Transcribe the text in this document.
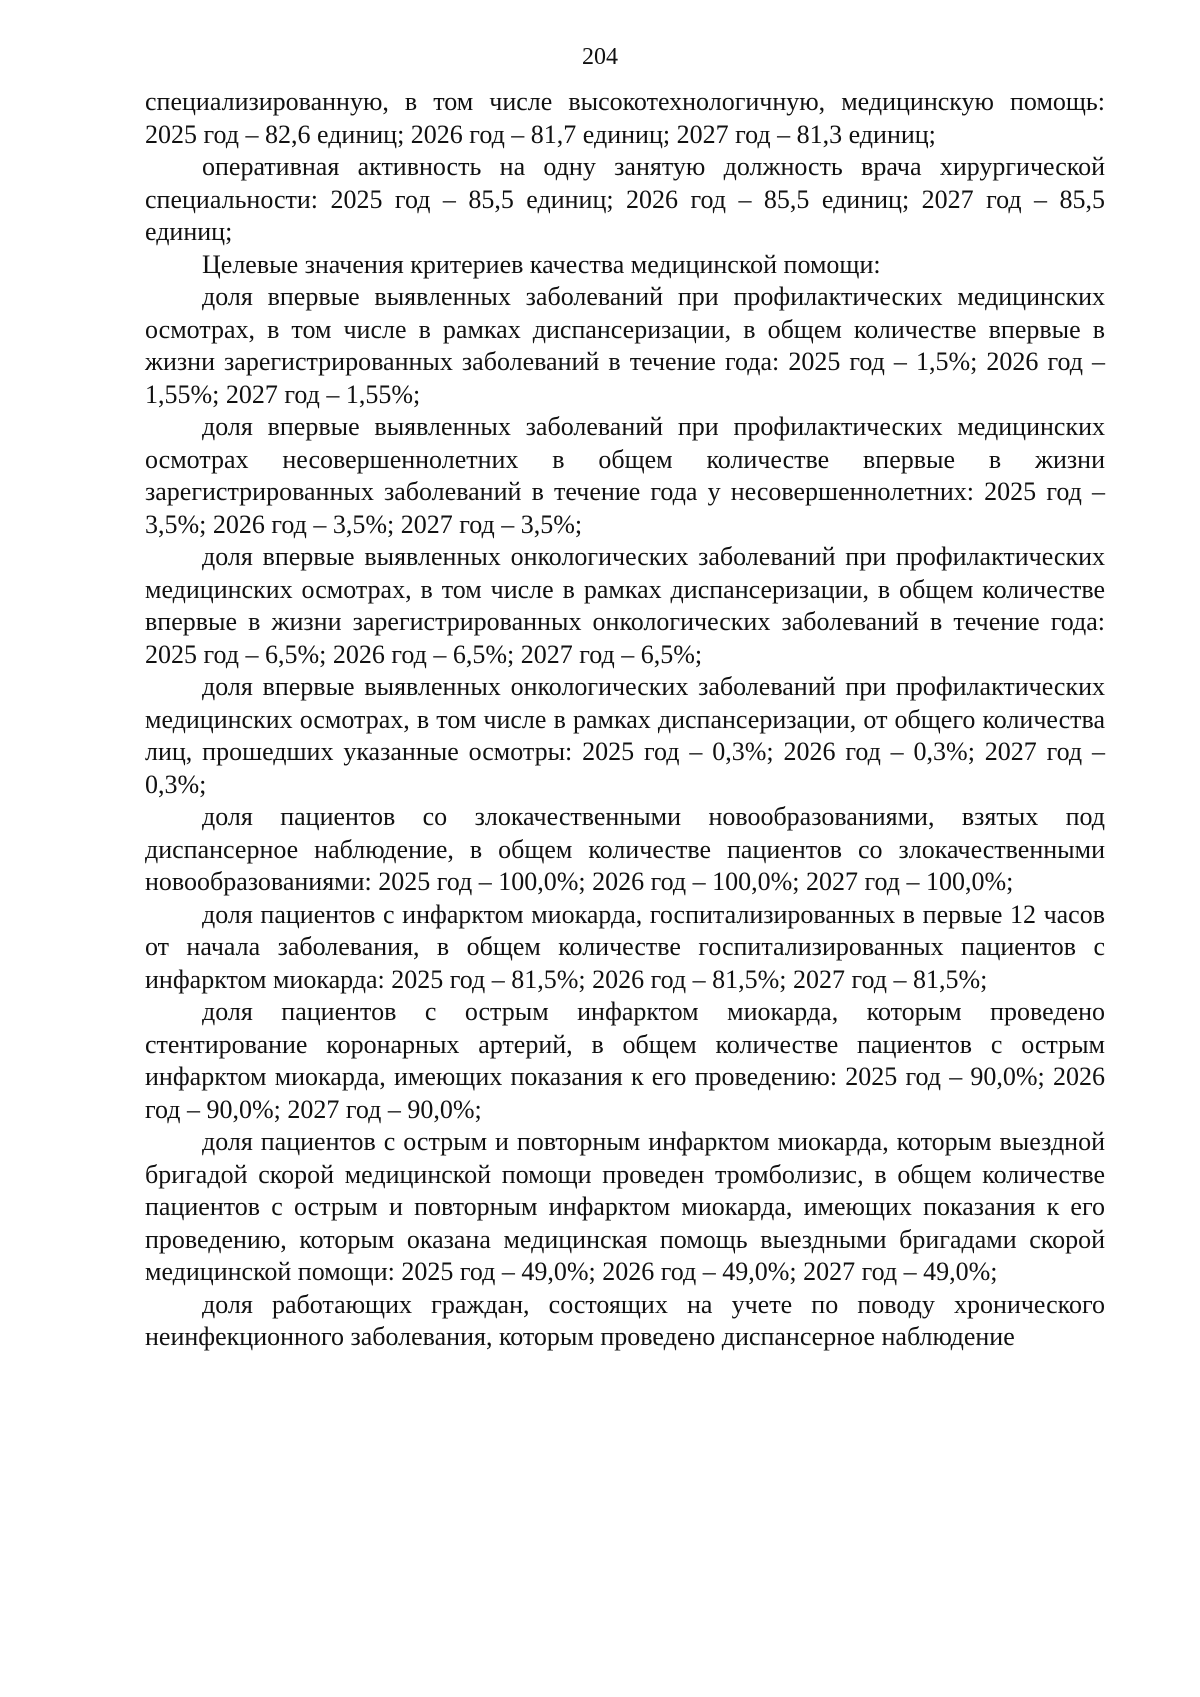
204

специализированную, в том числе высокотехнологичную, медицинскую помощь: 2025 год – 82,6 единиц; 2026 год – 81,7 единиц; 2027 год – 81,3 единиц;

оперативная активность на одну занятую должность врача хирургической специальности: 2025 год – 85,5 единиц; 2026 год – 85,5 единиц; 2027 год – 85,5 единиц;

Целевые значения критериев качества медицинской помощи:

доля впервые выявленных заболеваний при профилактических медицинских осмотрах, в том числе в рамках диспансеризации, в общем количестве впервые в жизни зарегистрированных заболеваний в течение года: 2025 год – 1,5%; 2026 год – 1,55%; 2027 год – 1,55%;

доля впервые выявленных заболеваний при профилактических медицинских осмотрах несовершеннолетних в общем количестве впервые в жизни зарегистрированных заболеваний в течение года у несовершеннолетних: 2025 год – 3,5%; 2026 год – 3,5%; 2027 год – 3,5%;

доля впервые выявленных онкологических заболеваний при профилактических медицинских осмотрах, в том числе в рамках диспансеризации, в общем количестве впервые в жизни зарегистрированных онкологических заболеваний в течение года: 2025 год – 6,5%; 2026 год – 6,5%; 2027 год – 6,5%;

доля впервые выявленных онкологических заболеваний при профилактических медицинских осмотрах, в том числе в рамках диспансеризации, от общего количества лиц, прошедших указанные осмотры: 2025 год – 0,3%; 2026 год – 0,3%; 2027 год – 0,3%;

доля пациентов со злокачественными новообразованиями, взятых под диспансерное наблюдение, в общем количестве пациентов со злокачественными новообразованиями: 2025 год – 100,0%; 2026 год – 100,0%; 2027 год – 100,0%;

доля пациентов с инфарктом миокарда, госпитализированных в первые 12 часов от начала заболевания, в общем количестве госпитализированных пациентов с инфарктом миокарда: 2025 год – 81,5%; 2026 год – 81,5%; 2027 год – 81,5%;

доля пациентов с острым инфарктом миокарда, которым проведено стентирование коронарных артерий, в общем количестве пациентов с острым инфарктом миокарда, имеющих показания к его проведению: 2025 год – 90,0%; 2026 год – 90,0%; 2027 год – 90,0%;

доля пациентов с острым и повторным инфарктом миокарда, которым выездной бригадой скорой медицинской помощи проведен тромболизис, в общем количестве пациентов с острым и повторным инфарктом миокарда, имеющих показания к его проведению, которым оказана медицинская помощь выездными бригадами скорой медицинской помощи: 2025 год – 49,0%; 2026 год – 49,0%; 2027 год – 49,0%;

доля работающих граждан, состоящих на учете по поводу хронического неинфекционного заболевания, которым проведено диспансерное наблюдение
